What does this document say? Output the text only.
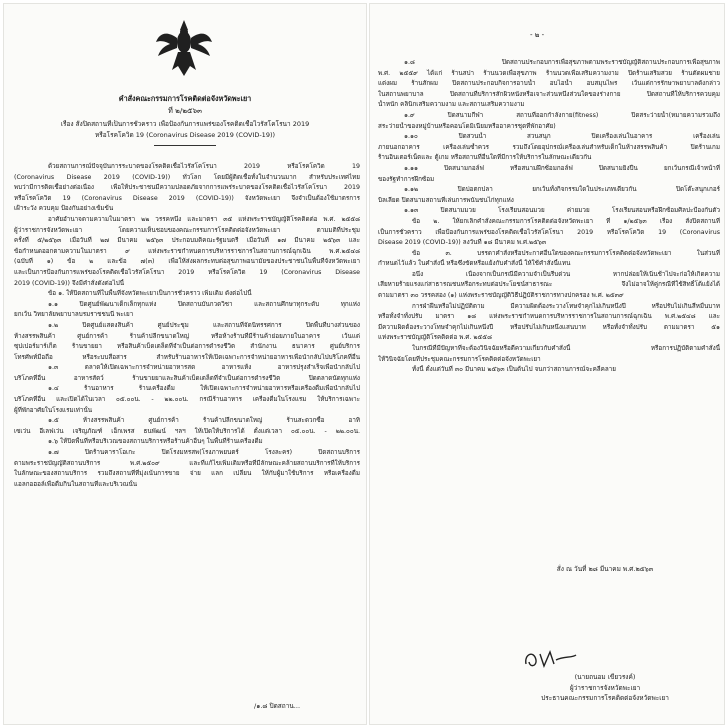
คำสั่งคณะกรรมการโรคติดต่อจังหวัดพะเยา
ที่ ๒/๒๕๖๓
เรื่อง สั่งปิดสถานที่เป็นการชั่วคราว เพื่อป้องกันการแพร่ของโรคติดเชื้อไวรัสโคโรนา 2019
หรือโรคโควิด 19 (Coronavirus Disease 2019 (COVID-19))
ด้วยสถานการณ์ปัจจุบันการระบาดของโรคติดเชื้อไวรัสโคโรนา 2019 หรือโรคโควิด 19
(Coronavirus Disease 2019 (COVID-19)) ทั่วโลก โดยมีผู้ติดเชื้อทั้งในจำนวนมาก สำหรับประเทศไทย
พบว่ามีการติดเชื้อย่างต่อเนื่อง เพื่อให้ประชาชนมีความปลอดภัยจากการแพร่ระบาดของโรคติดเชื้อไวรัสโคโรนา 2019
หรือโรคโควิด 19 (Coronavirus Disease 2019 (COVID-19)) จังหวัดพะเยา จึงจำเป็นต้องใช้มาตรการ
เฝ้าระวัง ควบคุม ป้องกันอย่างเข้มข้น
อาศัยอำนาจตามความในมาตรา ๒๒ วรรคหนึ่ง และมาตรา ๓๕ แห่งพระราชบัญญัติโรคติดต่อ พ.ศ. ๒๕๕๘
ผู้ว่าราชการจังหวัดพะเยา โดยความเห็นชอบของคณะกรรมการโรคติดต่อจังหวัดพะเยา ตามมติที่ประชุม
ครั้งที่ ๕/๒๕๖๓ เมื่อวันที่ ๒๗ มีนาคม ๒๕๖๓ ประกอบมติคณะรัฐมนตรี เมื่อวันที่ ๑๗ มีนาคม ๒๕๖๓ และ
ข้อกำหนดออกตามความในมาตรา ๙ แห่งพระราชกำหนดการบริหารราชการในสถานการณ์ฉุกเฉิน พ.ศ.๒๕๔๘
(ฉบับที่ ๑) ข้อ ๒ และข้อ ๗(๓) เพื่อให้ส่งผลกระทบต่อสุขภาพอนามัยของประชาชนในพื้นที่จังหวัดพะเยา
และเป็นการป้องกันการแพร่ของโรคติดเชื้อไวรัสโคโรนา 2019 หรือโรคโควิด 19 (Coronavirus Disease
2019 (COVID-19)) จึงมีคำสั่งดังต่อไปนี้
ข้อ ๑. ให้ปิดสถานที่ในพื้นที่จังหวัดพะเยาเป็นการชั่วคราว เพิ่มเติม ดังต่อไปนี้
๑.๑ ปิดศูนย์พัฒนาเด็กเล็กทุกแห่ง ปิดสถานบันกวดวิชา และสถานศึกษาทุกระดับ ทุกแห่ง
ยกเว้น วิทยาลัยพยาบาลบรมราชชนนี พะเยา
๑.๒ ปิดศูนย์แสดงสินค้า ศูนย์ประชุม และสถานที่จัดนิทรรศการ ปิดพื้นที่บางส่วนของ
ห้างสรรพสินค้า ศูนย์การค้า ร้านค้าปลีกขนาดใหญ่ หรือห้างร้านที่มีร้านค้าย่อยภายในอาคาร เว้นแต่
ซุปเปอร์มาร์เก็ต ร้านขายยา หรือสินค้าเบ็ดเตล็ดที่จำเป็นต่อการดำรงชีวิต สำนักงาน ธนาคาร ศูนย์บริการ
โทรศัพท์มือถือ หรือระบบสื่อสาร สำหรับร้านอาหารให้เปิดเฉพาะการจำหน่ายอาหารเพื่อนำกลับไปบริโภคที่อื่น
๑.๓ ตลาดให้เปิดเฉพาะการจำหน่ายอาหารสด อาหารแห้ง อาหารปรุงสำเร็จเพื่อนำกลับไป
บริโภคที่อื่น อาหารสัตว์ ร้านขายยาและสินค้าเบ็ดเตล็ดที่จำเป็นต่อการดำรงชีวิต ปิดตลาดนัดทุกแห่ง
๑.๔ ร้านอาหาร ร้านเครื่องดื่ม ให้เปิดเฉพาะการจำหน่ายอาหารหรือเครื่องดื่มเพื่อนำกลับไป
บริโภคที่อื่น และเปิดได้ในเวลา ๐๕.๐๐น. - ๒๒.๐๐น. กรณีร้านอาหาร เครื่องดื่มในโรงแรม ให้บริการเฉพาะ
ผู้ที่พักอาศัยในโรงแรมเท่านั้น
๑.๕ ห้างสรรพสินค้า ศูนย์การค้า ร้านค้าปลีกขนาดใหญ่ ร้านสะดวกซื้อ อาทิ
เซเว่น อีเลฟเว่น เจริญภัณฑ์ เอ็กเพรส ธนพัฒน์ ฯลฯ ให้เปิดให้บริการได้ ตั้งแต่เวลา ๐๕.๐๐น. - ๒๒.๐๐น.
๑.๖ ให้ปิดพื้นที่หรือบริเวณของสถานบริการหรือร้านค้าอื่นๆ ในพื้นที่ร้านเครื่องดื่ม
๑.๗ ปิดร้านคาราโอเกะ ปิดโรงมหรสพ(โรงภาพยนตร์ โรงละคร) ปิดสถานบริการ
ตามพระราชบัญญัติสถานบริการ พ.ศ.๒๕๐๙ และที่แก้ไขเพิ่มเติมหรือที่มีลักษณะคล้ายสถานบริการที่ให้บริการ
ในลักษณะของสถานบริการ รวมถึงสถานที่ที่มุ่งเน้นการขาย จ่าย แลก เปลี่ยน ให้กับผู้มาใช้บริการ หรือเครื่องดื่ม
แอลกอฮอล์เพื่อดื่มกินในสถานที่และบริเวณนั้น
/๑.๘ ปิดสถาน...
- ๒ -
๑.๘ ปิดสถานประกอบการเพื่อสุขภาพตามพระราชบัญญัติสถานประกอบการเพื่อสุขภาพ
พ.ศ. ๒๕๕๙ ได้แก่ ร้านสปา ร้านนวดเพื่อสุขภาพ ร้านนวดเพื่อเสริมความงาม ปิดร้านเสริมสวย ร้านตัดผมชาย
แต่งผม ร้านสักผม ปิดสถานประกอบกิจการอาบน้ำ อบไอน้ำ อบสมุนไพร เว้นแต่การรักษาพยาบาลดังกล่าว
ในสถานพยาบาล ปิดสถานที่บริการสักผิวหนังหรือเจาะส่วนหนึ่งส่วนใดของร่างกาย ปิดสถานที่ให้บริการควบคุม
น้ำหนัก คลินิกเสริมความงาม และสถานเสริมความงาม
๑.๙ ปิดสนามกีฬา สถานที่ออกกำลังกาย(fitness) ปิดสระว่ายน้ำ(หมายความรวมถึง
สระว่ายน้ำของหมู่บ้านหรือคอนโดมิเนียมหรืออาคารชุดที่พักอาศัย)
๑.๑๐ ปิดสวนน้ำ สวนสนุก ปิดเครื่องเล่นในอาคาร เครื่องเล่น
ภายนอกอาคาร เครื่องเล่นซ้ำควร รวมถึงโดยอุปกรณ์เครื่องเล่นสำหรับเด็กในห้างสรรพสินค้า ปิดร้านเกม
ร้านอินเตอร์เน็ตและ ตู้เกม หรือสถานที่อื่นใดที่มีการให้บริการในลักษณะเดียวกัน
๑.๑๑ ปิดสนามกอล์ฟ หรือสนามฝึกซ้อมกอล์ฟ ปิดสนามยิงปืน ยกเว้นกรณีเจ้าหน้าที่
ของรัฐทำการฝึกซ้อม
๑.๑๒ ปิดบ่อตกปลา ยกเว้นทั้งกิจกรรมใดในประเภทเดียวกัน ปิดโต๊ะสนุกเกอร์
บิลเลียด ปิดสนามสถานที่เล่นการพนันชนไก่ทุกแห่ง
๑.๑๓ ปิดสนามมวย โรงเรียนสอนมวย ค่ายมวย โรงเรียนสอนหรือฝึกซ้อมศิลปะป้องกันตัว
ข้อ ๒. ให้ยกเลิกคำสั่งคณะกรรมการโรคติดต่อจังหวัดพะเยา ที่ ๑/๒๕๖๓ เรื่อง สั่งปิดสถานที่
เป็นการชั่วคราว เพื่อป้องกันการแพร่ของโรคติดเชื้อไวรัสโคโรนา 2019 หรือโรคโควิด 19 (Coronavirus
Disease 2019 (COVID-19)) ลงวันที่ ๑๘ มีนาคม พ.ศ.๒๕๖๓
ข้อ ๓. บรรดาคำสั่งหรือประกาศอื่นใดของคณะกรรมการโรคติดต่อจังหวัดพะเยา ในส่วนที่
กำหนดไว้แล้ว ในคำสั่งนี้ หรือซึ่งขัดหรือแย้งกับคำสั่งนี้ ให้ใช้คำสั่งนี้แทน
อนึ่ง เนื่องจากเป็นกรณีมีความจำเป็นรีบด่วน หากปล่อยให้เนิ่นช้าไปจะก่อให้เกิดความ
เสียหายร้ายแรงแก่สาธารณชนหรือกระทบต่อประโยชน์สาธารณะ จึงไม่อาจให้คู่กรณีที่ใช้สิทธิ์โต้แย้งได้
ตามมาตรา ๓๐ วรรคสอง (๑) แห่งพระราชบัญญัติวิธีปฏิบัติราชการทางปกครอง พ.ศ. ๒๕๓๙
การฝ่าฝืนหรือไม่ปฏิบัติตาม มีความผิดต้องระวางโทษจำคุกไม่เกินหนึ่งปี หรือปรับไม่เกินสี่หมื่นบาท
หรือทั้งจำทั้งปรับ มาตรา ๑๘ แห่งพระราชกำหนดการบริหารราชการในสถานการณ์ฉุกเฉิน พ.ศ.๒๕๔๘ และ
มีความผิดต้องระวางโทษจำคุกไม่เกินหนึ่งปี หรือปรับไม่เกินหนึ่งแสนบาท หรือทั้งจำทั้งปรับ ตามมาตรา ๕๑
แห่งพระราชบัญญัติโรคติดต่อ พ.ศ. ๒๕๕๘
ในกรณีที่มีปัญหาที่จะต้องวินิจฉัยหรือตีความเกี่ยวกับคำสั่งนี้ หรือการปฏิบัติตามคำสั่งนี้
ให้วินิจฉัยโดยที่ประชุมคณะกรรมการโรคติดต่อจังหวัดพะเยา
ทั้งนี้ ตั้งแต่วันที่ ๓๐ มีนาคม ๒๕๖๓ เป็นต้นไป จนกว่าสถานการณ์จะคลี่คลาย
สั่ง ณ วันที่ ๒๘ มีนาคม พ.ศ.๒๕๖๓
(นายถนอม เขียวรงค์)
ผู้ว่าราชการจังหวัดพะเยา
ประธานคณะกรรมการโรคติดต่อจังหวัดพะเยา
